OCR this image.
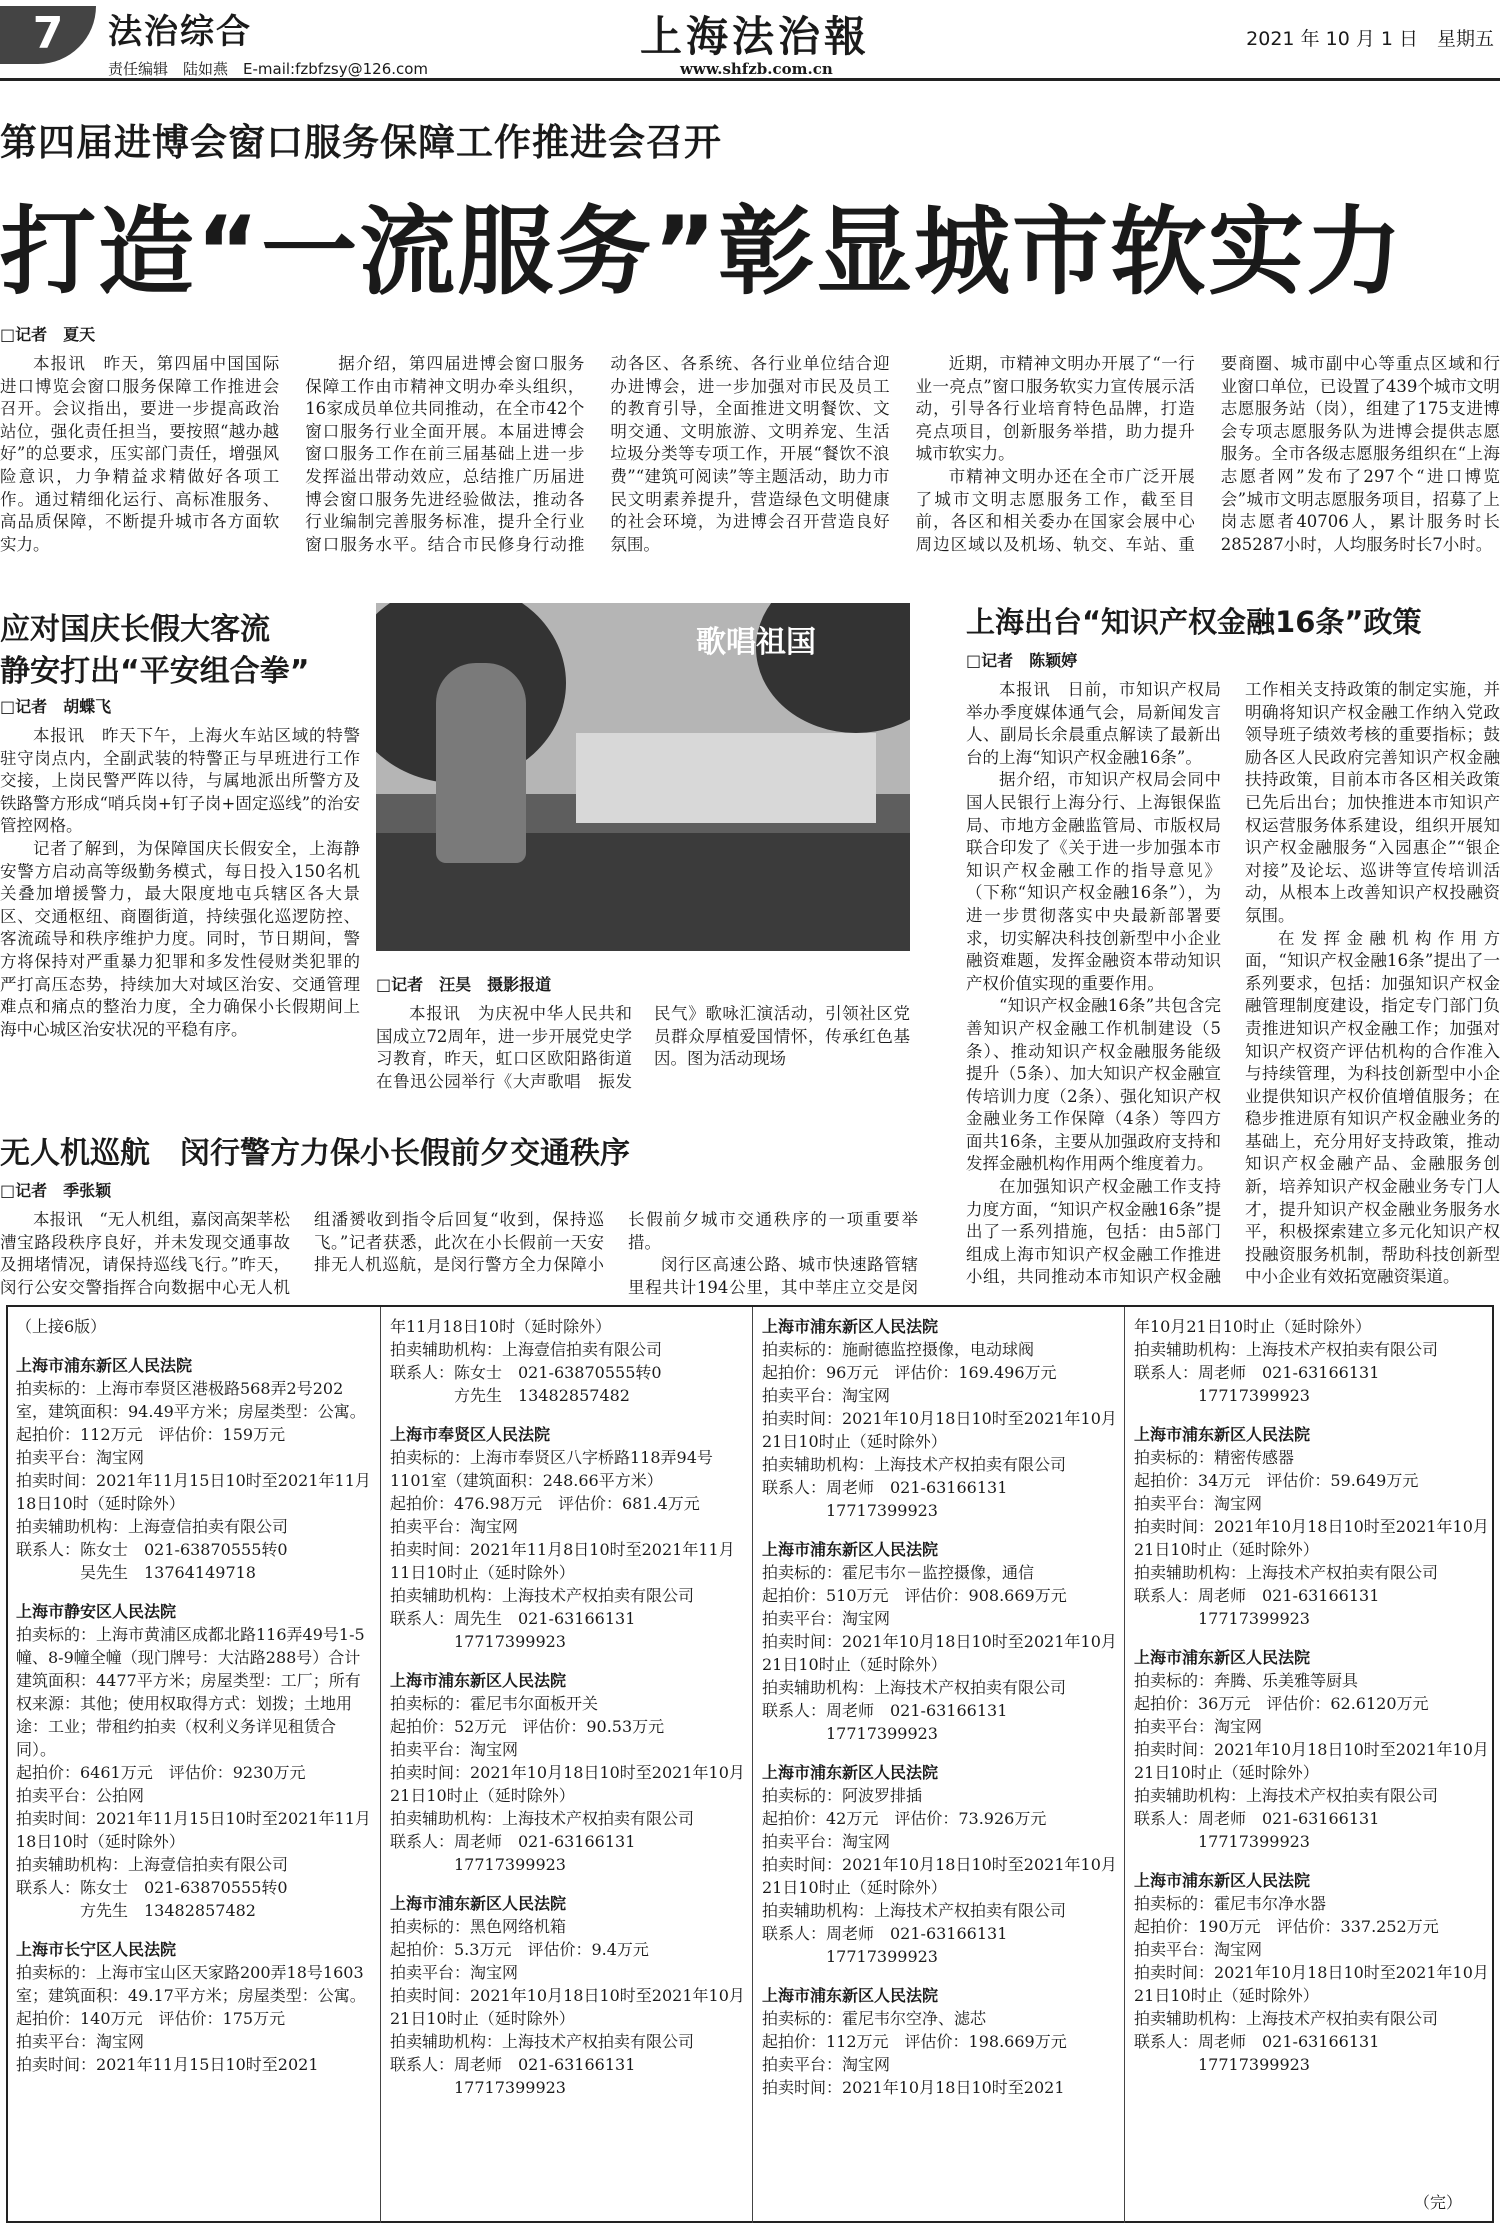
7	法治综合
责任编辑　陆如燕　E-mail:fzbfzsy@126.com
上海法治報
www.shfzb.com.cn
2021 年 10 月 1 日　星期五
第四届进博会窗口服务保障工作推进会召开
打造“一流服务”彰显城市软实力
□记者　夏天

本报讯　昨天，第四届中国国际进口博览会窗口服务保障工作推进会召开。会议指出，要进一步提高政治站位，强化责任担当，要按照“越办越好”的总要求，压实部门责任，增强风险意识，力争精益求精做好各项工作。通过精细化运行、高标准服务、高品质保障，不断提升城市各方面软实力。

据介绍，第四届进博会窗口服务保障工作由市精神文明办牵头组织，16家成员单位共同推动，在全市42个窗口服务行业全面开展。本届进博会窗口服务工作在前三届基础上进一步发挥溢出带动效应，总结推广历届进博会窗口服务先进经验做法，推动各行业编制完善服务标准，提升全行业窗口服务水平。结合市民修身行动推动各区、各系统、各行业单位结合迎办进博会，进一步加强对市民及员工的教育引导，全面推进文明餐饮、文明交通、文明旅游、文明养宠、生活垃圾分类等专项工作，开展“餐饮不浪费”“建筑可阅读”等主题活动，助力市民文明素养提升，营造绿色文明健康的社会环境，为进博会召开营造良好氛围。

近期，市精神文明办开展了“一行业一亮点”窗口服务软实力宣传展示活动，引导各行业培育特色品牌，打造亮点项目，创新服务举措，助力提升城市软实力。

市精神文明办还在全市广泛开展了城市文明志愿服务工作，截至目前，各区和相关委办在国家会展中心周边区域以及机场、轨交、车站、重要商圈、城市副中心等重点区域和行业窗口单位，已设置了439个城市文明志愿服务站（岗），组建了175支进博会专项志愿服务队为进博会提供志愿服务。全市各级志愿服务组织在“上海志愿者网”发布了297个“进口博览会”城市文明志愿服务项目，招募了上岗志愿者40706人，累计服务时长285287小时，人均服务时长7小时。

应对国庆长假大客流
静安打出“平安组合拳”
□记者　胡蝶飞

本报讯　昨天下午，上海火车站区域的特警驻守岗点内，全副武装的特警正与早班进行工作交接，上岗民警严阵以待，与属地派出所警方及铁路警方形成“哨兵岗+钉子岗+固定巡线”的治安管控网格。

记者了解到，为保障国庆长假安全，上海静安警方启动高等级勤务模式，每日投入150名机关叠加增援警力，最大限度地屯兵辖区各大景区、交通枢纽、商圈街道，持续强化巡逻防控、客流疏导和秩序维护力度。同时，节日期间，警方将保持对严重暴力犯罪和多发性侵财类犯罪的严打高压态势，持续加大对域区治安、交通管理难点和痛点的整治力度，全力确保小长假期间上海中心城区治安状况的平稳有序。

歌唱祖国
□记者　汪昊　摄影报道

本报讯　为庆祝中华人民共和国成立72周年，进一步开展党史学习教育，昨天，虹口区欧阳路街道在鲁迅公园举行《大声歌唱　振发民气》歌咏汇演活动，引领社区党员群众厚植爱国情怀，传承红色基因。图为活动现场

上海出台“知识产权金融16条”政策
□记者　陈颖婷

本报讯　日前，市知识产权局举办季度媒体通气会，局新闻发言人、副局长余晨重点解读了最新出台的上海“知识产权金融16条”。

据介绍，市知识产权局会同中国人民银行上海分行、上海银保监局、市地方金融监管局、市版权局联合印发了《关于进一步加强本市知识产权金融工作的指导意见》（下称“知识产权金融16条”），为进一步贯彻落实中央最新部署要求，切实解决科技创新型中小企业融资难题，发挥金融资本带动知识产权价值实现的重要作用。

“知识产权金融16条”共包含完善知识产权金融工作机制建设（5条）、推动知识产权金融服务能级提升（5条）、加大知识产权金融宣传培训力度（2条）、强化知识产权金融业务工作保障（4条）等四方面共16条，主要从加强政府支持和发挥金融机构作用两个维度着力。

在加强知识产权金融工作支持力度方面，“知识产权金融16条”提出了一系列措施，包括：由5部门组成上海市知识产权金融工作推进小组，共同推动本市知识产权金融工作相关支持政策的制定实施，并明确将知识产权金融工作纳入党政领导班子绩效考核的重要指标；鼓励各区人民政府完善知识产权金融扶持政策，目前本市各区相关政策已先后出台；加快推进本市知识产权运营服务体系建设，组织开展知识产权金融服务“入园惠企”“银企对接”及论坛、巡讲等宣传培训活动，从根本上改善知识产权投融资氛围。

在发挥金融机构作用方面，“知识产权金融16条”提出了一系列要求，包括：加强知识产权金融管理制度建设，指定专门部门负责推进知识产权金融工作；加强对知识产权资产评估机构的合作准入与持续管理，为科技创新型中小企业提供知识产权价值增值服务；在稳步推进原有知识产权金融业务的基础上，充分用好支持政策，推动知识产权金融产品、金融服务创新，培养知识产权金融业务专门人才，提升知识产权金融业务服务水平，积极探索建立多元化知识产权投融资服务机制，帮助科技创新型中小企业有效拓宽融资渠道。

无人机巡航　闵行警方力保小长假前夕交通秩序
□记者　季张颖

本报讯　“无人机组，嘉闵高架莘松漕宝路段秩序良好，并未发现交通事故及拥堵情况，请保持巡线飞行。”昨天，闵行公安交警指挥合向数据中心无人机组潘赟收到指令后回复“收到，保持巡飞。”记者获悉，此次在小长假前一天安排无人机巡航，是闵行警方全力保障小长假前夕城市交通秩序的一项重要举措。

闵行区高速公路、城市快速路管辖里程共计194公里，其中莘庄立交是闵

（上接6版）
上海市浦东新区人民法院
拍卖标的：上海市奉贤区港极路568弄2号202室，建筑面积：94.49平方米；房屋类型：公寓。
起拍价：112万元　评估价：159万元
拍卖平台：淘宝网
拍卖时间：2021年11月15日10时至2021年11月18日10时（延时除外）
拍卖辅助机构：上海壹信拍卖有限公司
联系人：陈女士　021-63870555转0
　　　　吴先生　13764149718
上海市静安区人民法院
拍卖标的：上海市黄浦区成都北路116弄49号1-5幢、8-9幢全幢（现门牌号：大沽路288号）合计建筑面积：4477平方米；房屋类型：工厂；所有权来源：其他；使用权取得方式：划拨；土地用途：工业；带租约拍卖（权利义务详见租赁合同）。
起拍价：6461万元　评估价：9230万元
拍卖平台：公拍网
拍卖时间：2021年11月15日10时至2021年11月18日10时（延时除外）
拍卖辅助机构：上海壹信拍卖有限公司
联系人：陈女士　021-63870555转0
　　　　方先生　13482857482
上海市长宁区人民法院
拍卖标的：上海市宝山区天家路200弄18号1603室；建筑面积：49.17平方米；房屋类型：公寓。
起拍价：140万元　评估价：175万元
拍卖平台：淘宝网
拍卖时间：2021年11月15日10时至2021
年11月18日10时（延时除外）
拍卖辅助机构：上海壹信拍卖有限公司
联系人：陈女士　021-63870555转0
　　　　方先生　13482857482
上海市奉贤区人民法院
拍卖标的：上海市奉贤区八字桥路118弄94号1101室（建筑面积：248.66平方米）
起拍价：476.98万元　评估价：681.4万元
拍卖平台：淘宝网
拍卖时间：2021年11月8日10时至2021年11月11日10时止（延时除外）
拍卖辅助机构：上海技术产权拍卖有限公司
联系人：周先生　021-63166131
　　　　17717399923
上海市浦东新区人民法院
拍卖标的：霍尼韦尔面板开关
起拍价：52万元　评估价：90.53万元
拍卖平台：淘宝网
拍卖时间：2021年10月18日10时至2021年10月21日10时止（延时除外）
拍卖辅助机构：上海技术产权拍卖有限公司
联系人：周老师　021-63166131
　　　　17717399923
上海市浦东新区人民法院
拍卖标的：黑色网络机箱
起拍价：5.3万元　评估价：9.4万元
拍卖平台：淘宝网
拍卖时间：2021年10月18日10时至2021年10月21日10时止（延时除外）
拍卖辅助机构：上海技术产权拍卖有限公司
联系人：周老师　021-63166131
　　　　17717399923
上海市浦东新区人民法院
拍卖标的：施耐德监控摄像，电动球阀
起拍价：96万元　评估价：169.496万元
拍卖平台：淘宝网
拍卖时间：2021年10月18日10时至2021年10月21日10时止（延时除外）
拍卖辅助机构：上海技术产权拍卖有限公司
联系人：周老师　021-63166131
　　　　17717399923
上海市浦东新区人民法院
拍卖标的：霍尼韦尔－监控摄像，通信
起拍价：510万元　评估价：908.669万元
拍卖平台：淘宝网
拍卖时间：2021年10月18日10时至2021年10月21日10时止（延时除外）
拍卖辅助机构：上海技术产权拍卖有限公司
联系人：周老师　021-63166131
　　　　17717399923
上海市浦东新区人民法院
拍卖标的：阿波罗排插
起拍价：42万元　评估价：73.926万元
拍卖平台：淘宝网
拍卖时间：2021年10月18日10时至2021年10月21日10时止（延时除外）
拍卖辅助机构：上海技术产权拍卖有限公司
联系人：周老师　021-63166131
　　　　17717399923
上海市浦东新区人民法院
拍卖标的：霍尼韦尔空净、滤芯
起拍价：112万元　评估价：198.669万元
拍卖平台：淘宝网
拍卖时间：2021年10月18日10时至2021
年10月21日10时止（延时除外）
拍卖辅助机构：上海技术产权拍卖有限公司
联系人：周老师　021-63166131
　　　　17717399923
上海市浦东新区人民法院
拍卖标的：精密传感器
起拍价：34万元　评估价：59.649万元
拍卖平台：淘宝网
拍卖时间：2021年10月18日10时至2021年10月21日10时止（延时除外）
拍卖辅助机构：上海技术产权拍卖有限公司
联系人：周老师　021-63166131
　　　　17717399923
上海市浦东新区人民法院
拍卖标的：奔腾、乐美雅等厨具
起拍价：36万元　评估价：62.6120万元
拍卖平台：淘宝网
拍卖时间：2021年10月18日10时至2021年10月21日10时止（延时除外）
拍卖辅助机构：上海技术产权拍卖有限公司
联系人：周老师　021-63166131
　　　　17717399923
上海市浦东新区人民法院
拍卖标的：霍尼韦尔净水器
起拍价：190万元　评估价：337.252万元
拍卖平台：淘宝网
拍卖时间：2021年10月18日10时至2021年10月21日10时止（延时除外）
拍卖辅助机构：上海技术产权拍卖有限公司
联系人：周老师　021-63166131
　　　　17717399923
（完）
